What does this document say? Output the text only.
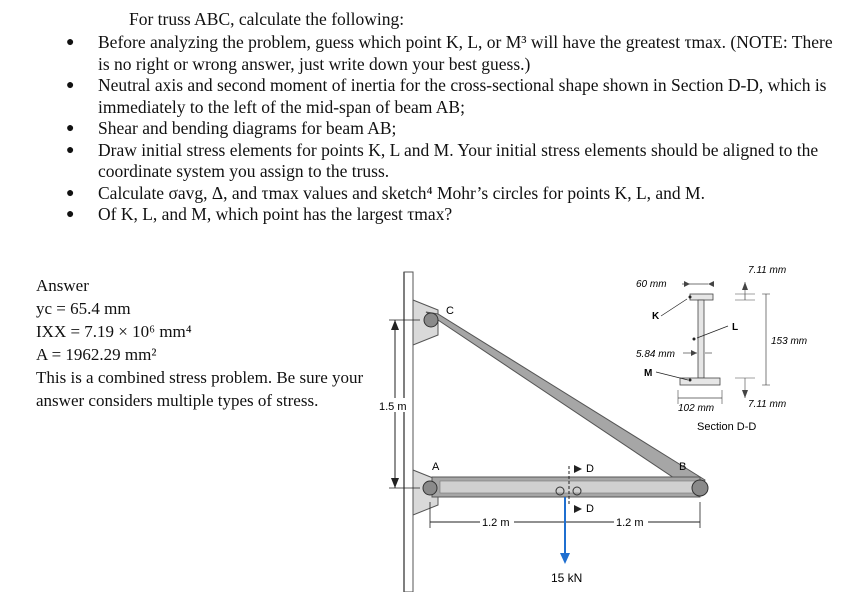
For truss ABC, calculate the following:
● Before analyzing the problem, guess which point K, L, or M³ will have the greatest τmax. (NOTE: There is no right or wrong answer, just write down your best guess.)
● Neutral axis and second moment of inertia for the cross-sectional shape shown in Section D-D, which is immediately to the left of the mid-span of beam AB;
● Shear and bending diagrams for beam AB;
● Draw initial stress elements for points K, L and M. Your initial stress elements should be aligned to the coordinate system you assign to the truss.
● Calculate σavg, Δ, and τmax values and sketch⁴ Mohr’s circles for points K, L, and M.
● Of K, L, and M, which point has the largest τmax?
Answer
yc = 65.4 mm
IXX = 7.19 × 10⁶ mm⁴
A = 1962.29 mm²
This is a combined stress problem. Be sure your answer considers multiple types of stress.
C
A	B
D
D
1.5 m
1.2 m	1.2 m
15 kN
60 mm
7.11 mm
153 mm
5.84 mm
102 mm	7.11 mm
K
L
M
Section D-D
